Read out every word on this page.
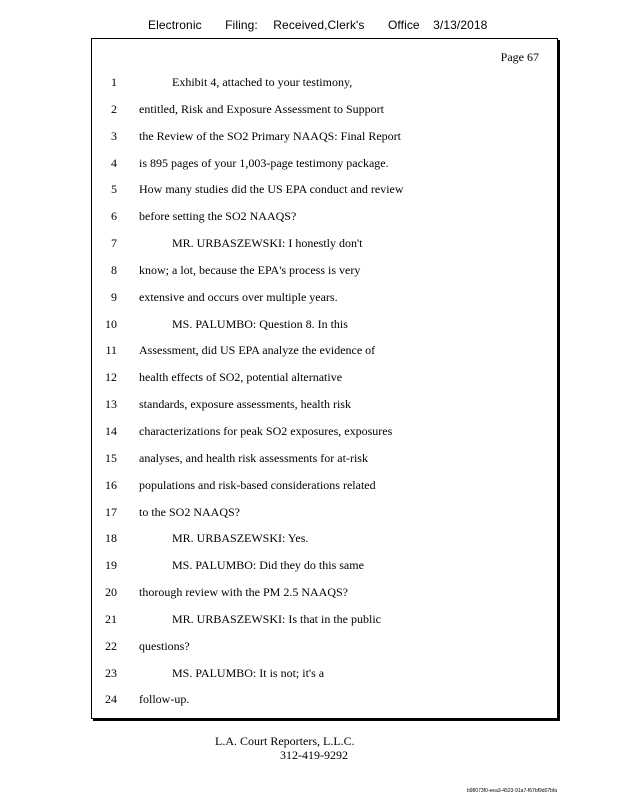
Electronic Filing: Received,Clerk's Office 3/13/2018
Page 67
1	Exhibit 4, attached to your testimony,
2 entitled, Risk and Exposure Assessment to Support
3 the Review of the SO2 Primary NAAQS: Final Report
4 is 895 pages of your 1,003-page testimony package.
5 How many studies did the US EPA conduct and review
6 before setting the SO2 NAAQS?
7	MR. URBASZEWSKI: I honestly don't
8 know; a lot, because the EPA's process is very
9 extensive and occurs over multiple years.
10	MS. PALUMBO: Question 8. In this
11 Assessment, did US EPA analyze the evidence of
12 health effects of SO2, potential alternative
13 standards, exposure assessments, health risk
14 characterizations for peak SO2 exposures, exposures
15 analyses, and health risk assessments for at-risk
16 populations and risk-based considerations related
17 to the SO2 NAAQS?
18	MR. URBASZEWSKI: Yes.
19	MS. PALUMBO: Did they do this same
20 thorough review with the PM 2.5 NAAQS?
21	MR. URBASZEWSKI: Is that in the public
22 questions?
23	MS. PALUMBO: It is not; it's a
24 follow-up.
L.A. Court Reporters, L.L.C.
312-419-9292
b98073f0-eea3-4523-91a7-f67bf9d07bfa
